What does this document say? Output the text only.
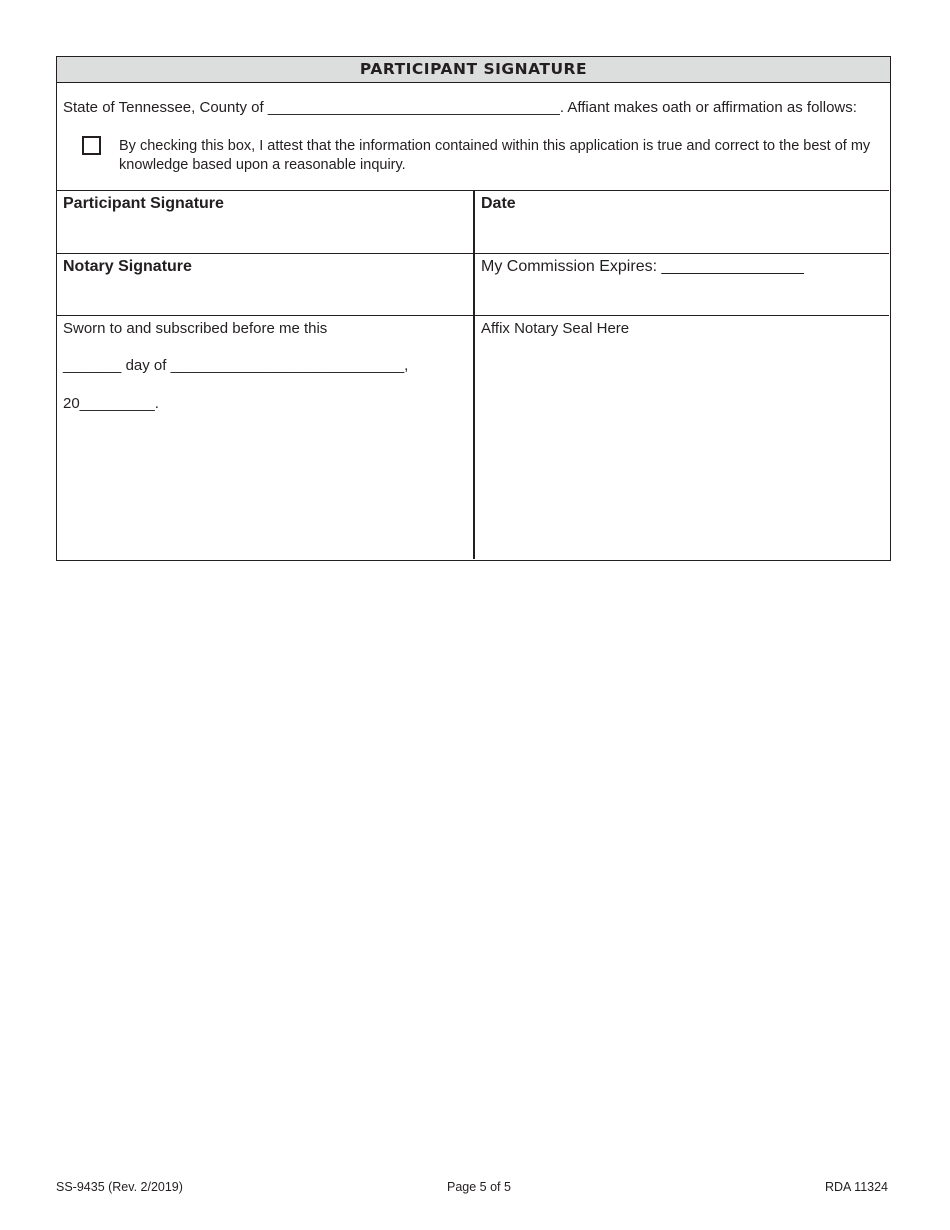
PARTICIPANT SIGNATURE
State of Tennessee, County of ___________________________________. Affiant makes oath or affirmation as follows:
By checking this box, I attest that the information contained within this application is true and correct to the best of my knowledge based upon a reasonable inquiry.
Participant Signature	Date
Notary Signature	My Commission Expires: ________________
Sworn to and subscribed before me this
_______ day of ____________________________,
20_________.
Affix Notary Seal Here
SS-9435 (Rev. 2/2019)	Page 5 of 5	RDA 11324
